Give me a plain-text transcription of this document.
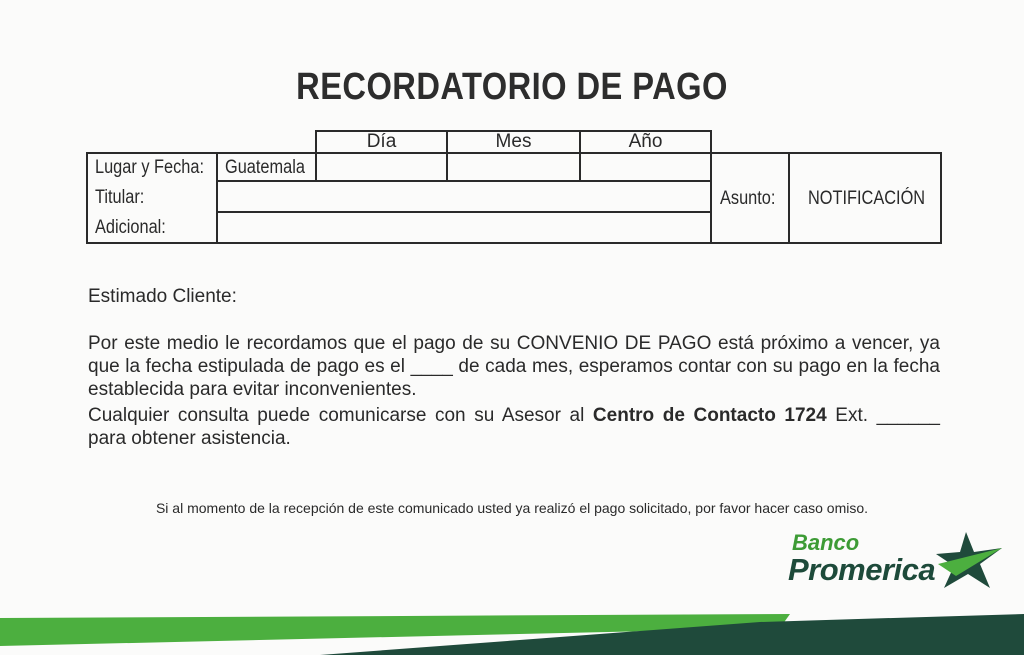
RECORDATORIO DE PAGO
Día	Mes	Año
Lugar y Fecha:
Titular:
Adicional:
Guatemala
Asunto: NOTIFICACIÓN
Estimado Cliente:
Por este medio le recordamos que el pago de su CONVENIO DE PAGO está próximo a vencer, ya que la fecha estipulada de pago es el ____ de cada mes, esperamos contar con su pago en la fecha establecida para evitar inconvenientes.
Cualquier consulta puede comunicarse con su Asesor al Centro de Contacto 1724 Ext. ______ para obtener asistencia.
Si al momento de la recepción de este comunicado usted ya realizó el pago solicitado, por favor hacer caso omiso.
Banco
Promerica
